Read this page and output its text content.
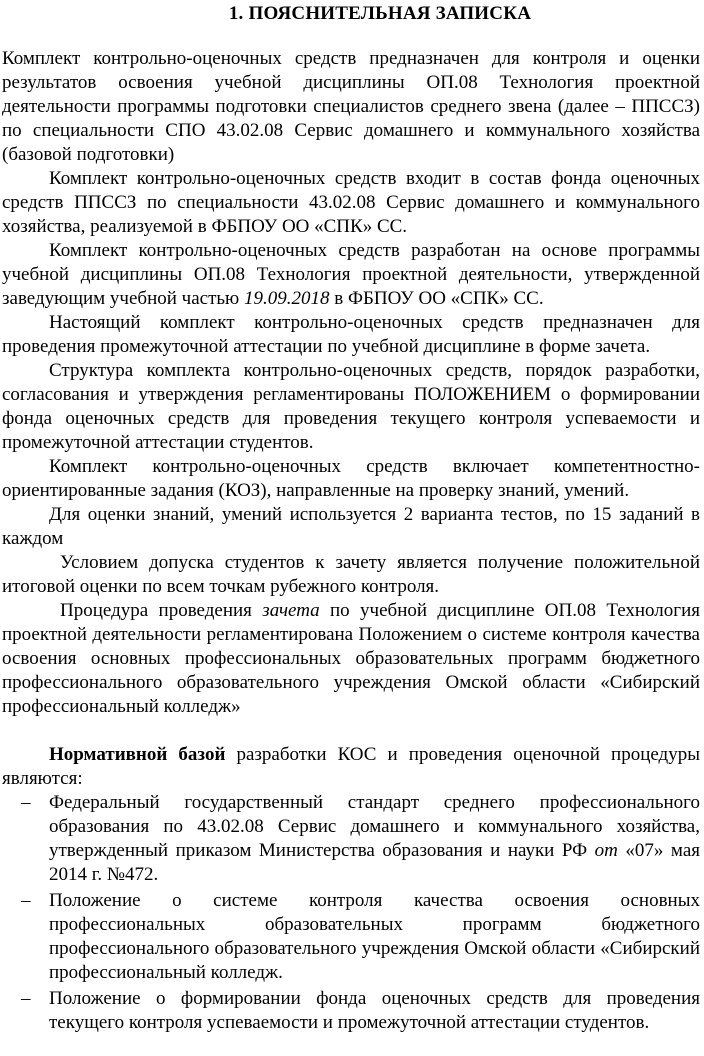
1. ПОЯСНИТЕЛЬНАЯ ЗАПИСКА

Комплект контрольно-оценочных средств предназначен для контроля и оценки результатов освоения учебной дисциплины ОП.08 Технология проектной деятельности программы подготовки специалистов среднего звена (далее – ППССЗ) по специальности СПО 43.02.08 Сервис домашнего и коммунального хозяйства (базовой подготовки)

Комплект контрольно-оценочных средств входит в состав фонда оценочных средств ППССЗ по специальности 43.02.08 Сервис домашнего и коммунального хозяйства, реализуемой в ФБПОУ ОО «СПК» СС.

Комплект контрольно-оценочных средств разработан на основе программы учебной дисциплины ОП.08 Технология проектной деятельности, утвержденной заведующим учебной частью 19.09.2018 в ФБПОУ ОО «СПК» СС.

Настоящий комплект контрольно-оценочных средств предназначен для проведения промежуточной аттестации по учебной дисциплине в форме зачета.

Структура комплекта контрольно-оценочных средств, порядок разработки, согласования и утверждения регламентированы ПОЛОЖЕНИЕМ о формировании фонда оценочных средств для проведения текущего контроля успеваемости и промежуточной аттестации студентов.

Комплект контрольно-оценочных средств включает компетентностно-ориентированные задания (КОЗ), направленные на проверку знаний, умений.

Для оценки знаний, умений используется 2 варианта тестов, по 15 заданий в каждом

Условием допуска студентов к зачету является получение положительной итоговой оценки по всем точкам рубежного контроля.

Процедура проведения зачета по учебной дисциплине ОП.08 Технология проектной деятельности регламентирована Положением о системе контроля качества освоения основных профессиональных образовательных программ бюджетного профессионального образовательного учреждения Омской области «Сибирский профессиональный колледж»

Нормативной базой разработки КОС и проведения оценочной процедуры являются:

– Федеральный государственный стандарт среднего профессионального образования по 43.02.08 Сервис домашнего и коммунального хозяйства, утвержденный приказом Министерства образования и науки РФ от «07» мая 2014 г. №472.
– Положение о системе контроля качества освоения основных профессиональных образовательных программ бюджетного профессионального образовательного учреждения Омской области «Сибирский профессиональный колледж.
– Положение о формировании фонда оценочных средств для проведения текущего контроля успеваемости и промежуточной аттестации студентов.
